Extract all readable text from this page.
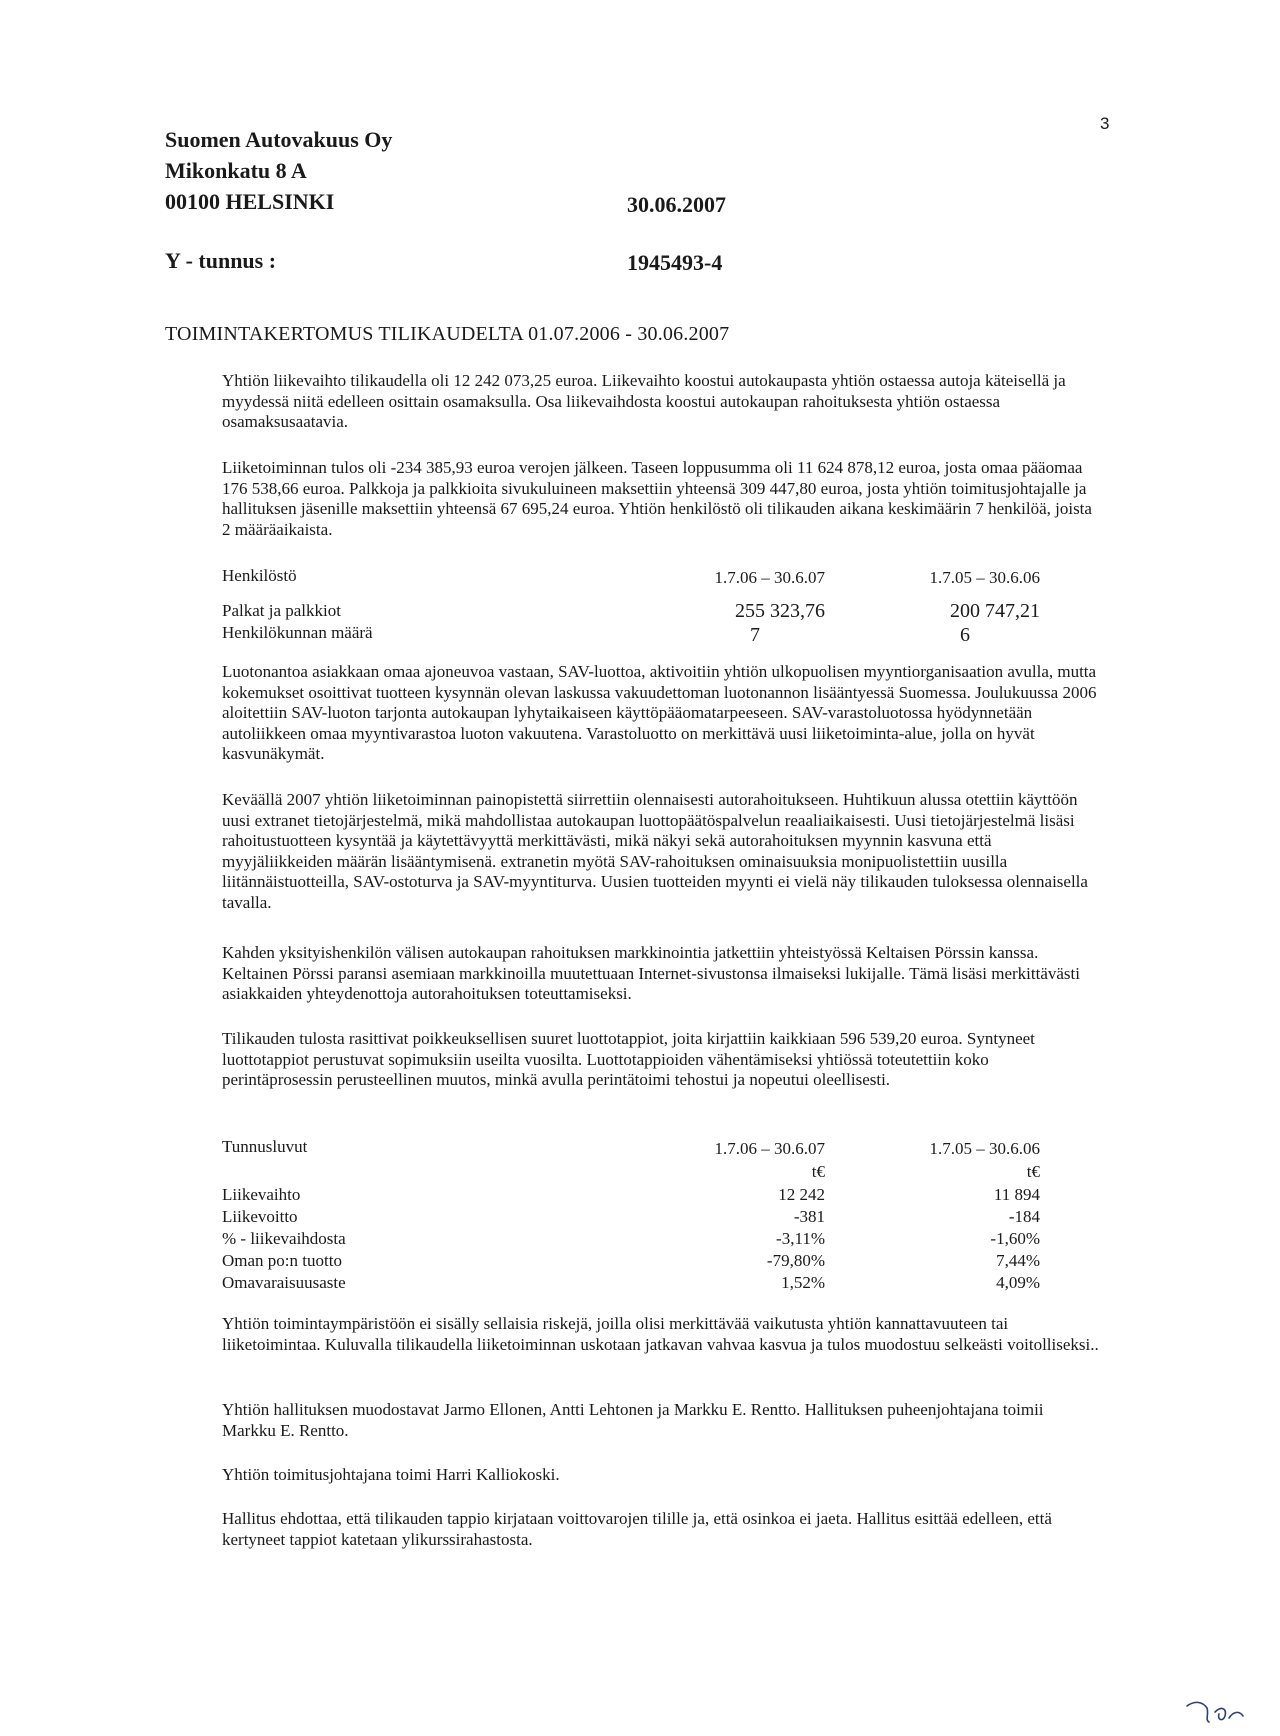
3
Suomen Autovakuus Oy
Mikonkatu 8 A
00100 HELSINKI	30.06.2007
Y - tunnus :	1945493-4
TOIMINTAKERTOMUS TILIKAUDELTA 01.07.2006 - 30.06.2007

Yhtiön liikevaihto tilikaudella oli 12 242 073,25 euroa. Liikevaihto koostui autokaupasta yhtiön ostaessa autoja käteisellä ja myydessä niitä edelleen osittain osamaksulla. Osa liikevaihdosta koostui autokaupan rahoituksesta yhtiön ostaessa osamaksusaatavia.

Liiketoiminnan tulos oli -234 385,93 euroa verojen jälkeen. Taseen loppusumma oli 11 624 878,12 euroa, josta omaa pääomaa 176 538,66 euroa. Palkkoja ja palkkioita sivukuluineen maksettiin yhteensä 309 447,80 euroa, josta yhtiön toimitusjohtajalle ja hallituksen jäsenille maksettiin yhteensä 67 695,24 euroa. Yhtiön henkilöstö oli tilikauden aikana keskimäärin 7 henkilöä, joista 2 määräaikaista.

Henkilöstö	1.7.06 – 30.6.07	1.7.05 – 30.6.06
Palkat ja palkkiot	255 323,76	200 747,21
Henkilökunnan määrä	7	6

Luotonantoa asiakkaan omaa ajoneuvoa vastaan, SAV-luottoa, aktivoitiin yhtiön ulkopuolisen myyntiorganisaation avulla, mutta kokemukset osoittivat tuotteen kysynnän olevan laskussa vakuudettoman luotonannon lisääntyessä Suomessa. Joulukuussa 2006 aloitettiin SAV-luoton tarjonta autokaupan lyhytaikaiseen käyttöpääomatarpeeseen. SAV-varastoluotossa hyödynnetään autoliikkeen omaa myyntivarastoa luoton vakuutena. Varastoluotto on merkittävä uusi liiketoiminta-alue, jolla on hyvät kasvunäkymät.

Keväällä 2007 yhtiön liiketoiminnan painopistettä siirrettiin olennaisesti autorahoitukseen. Huhtikuun alussa otettiin käyttöön uusi extranet tietojärjestelmä, mikä mahdollistaa autokaupan luottopäätöspalvelun reaaliaikaisesti. Uusi tietojärjestelmä lisäsi rahoitustuotteen kysyntää ja käytettävyyttä merkittävästi, mikä näkyi sekä autorahoituksen myynnin kasvuna että myyjäliikkeiden määrän lisääntymisenä. extranetin myötä SAV-rahoituksen ominaisuuksia monipuolistettiin uusilla liitännäistuotteilla, SAV-ostoturva ja SAV-myyntiturva. Uusien tuotteiden myynti ei vielä näy tilikauden tuloksessa olennaisella tavalla.

Kahden yksityishenkilön välisen autokaupan rahoituksen markkinointia jatkettiin yhteistyössä Keltaisen Pörssin kanssa. Keltainen Pörssi paransi asemiaan markkinoilla muutettuaan Internet-sivustonsa ilmaiseksi lukijalle. Tämä lisäsi merkittävästi asiakkaiden yhteydenottoja autorahoituksen toteuttamiseksi.

Tilikauden tulosta rasittivat poikkeuksellisen suuret luottotappiot, joita kirjattiin kaikkiaan 596 539,20 euroa. Syntyneet luottotappiot perustuvat sopimuksiin useilta vuosilta. Luottotappioiden vähentämiseksi yhtiössä toteutettiin koko perintäprosessin perusteellinen muutos, minkä avulla perintätoimi tehostui ja nopeutui oleellisesti.

Tunnusluvut	1.7.06 – 30.6.07	1.7.05 – 30.6.06
t€	t€
Liikevaihto	12 242	11 894
Liikevoitto	-381	-184
% - liikevaihdosta	-3,11%	-1,60%
Oman po:n tuotto	-79,80%	7,44%
Omavaraisuusaste	1,52%	4,09%

Yhtiön toimintaympäristöön ei sisälly sellaisia riskejä, joilla olisi merkittävää vaikutusta yhtiön kannattavuuteen tai liiketoimintaa. Kuluvalla tilikaudella liiketoiminnan uskotaan jatkavan vahvaa kasvua ja tulos muodostuu selkeästi voitolliseksi..

Yhtiön hallituksen muodostavat Jarmo Ellonen, Antti Lehtonen ja Markku E. Rentto. Hallituksen puheenjohtajana toimii Markku E. Rentto.

Yhtiön toimitusjohtajana toimi Harri Kalliokoski.

Hallitus ehdottaa, että tilikauden tappio kirjataan voittovarojen tilille ja, että osinkoa ei jaeta. Hallitus esittää edelleen, että kertyneet tappiot katetaan ylikurssirahastosta.
